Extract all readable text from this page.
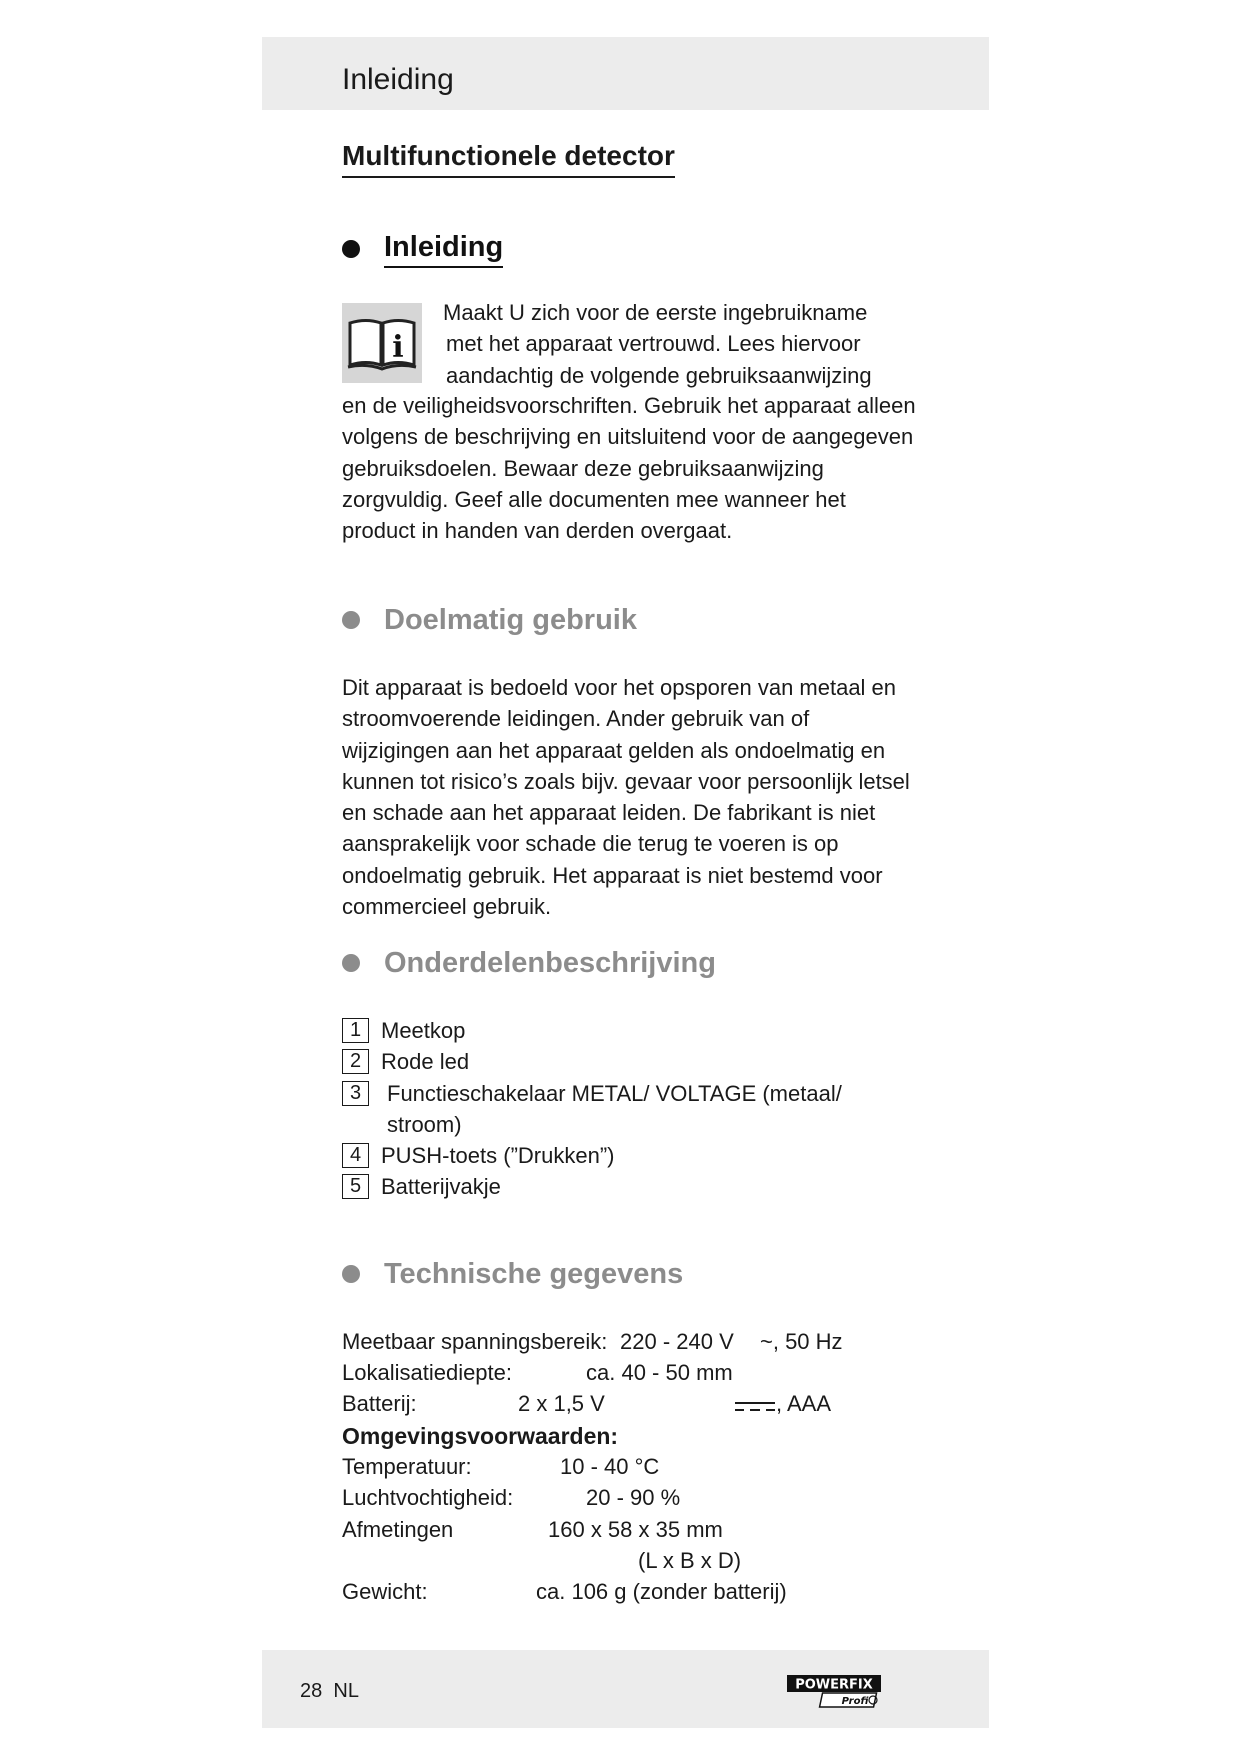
Inleiding
Multifunctionele detector
Inleiding
i
Maakt U zich voor de eerste ingebruikname
met het apparaat vertrouwd. Lees hiervoor
aandachtig de volgende gebruiksaanwijzing

en de veiligheidsvoorschriften. Gebruik het apparaat alleen volgens de beschrijving en uitsluitend voor de aangegeven gebruiksdoelen. Bewaar deze gebruiksaanwijzing zorgvuldig. Geef alle documenten mee wanneer het product in handen van derden overgaat.

Doelmatig gebruik

Dit apparaat is bedoeld voor het opsporen van metaal en stroomvoerende leidingen. Ander gebruik van of wijzigingen aan het apparaat gelden als ondoelmatig en kunnen tot risico’s zoals bijv. gevaar voor persoonlijk letsel en schade aan het apparaat leiden. De fabrikant is niet aansprakelijk voor schade die terug te voeren is op ondoelmatig gebruik. Het apparaat is niet bestemd voor commercieel gebruik.

Onderdelenbeschrijving
1 Meetkop
2 Rode led
3	Functieschakelaar METAL/ VOLTAGE (metaal/ stroom)
4 PUSH-toets (”Drukken”)
5 Batterijvakje
Technische gegevens
Meetbaar spanningsbereik: 220 - 240 V ~, 50 Hz
Lokalisatiediepte:	ca. 40 - 50 mm
Batterij:	2 x 1,5 V	, AAA
Omgevingsvoorwaarden:
Temperatuur:	10 - 40 °C
Luchtvochtigheid:	20 - 90 %
Afmetingen	160 x 58 x 35 mm
(L x B x D)
Gewicht:	ca. 106 g (zonder batterij)
28 NL	POWERFIX
Profi
